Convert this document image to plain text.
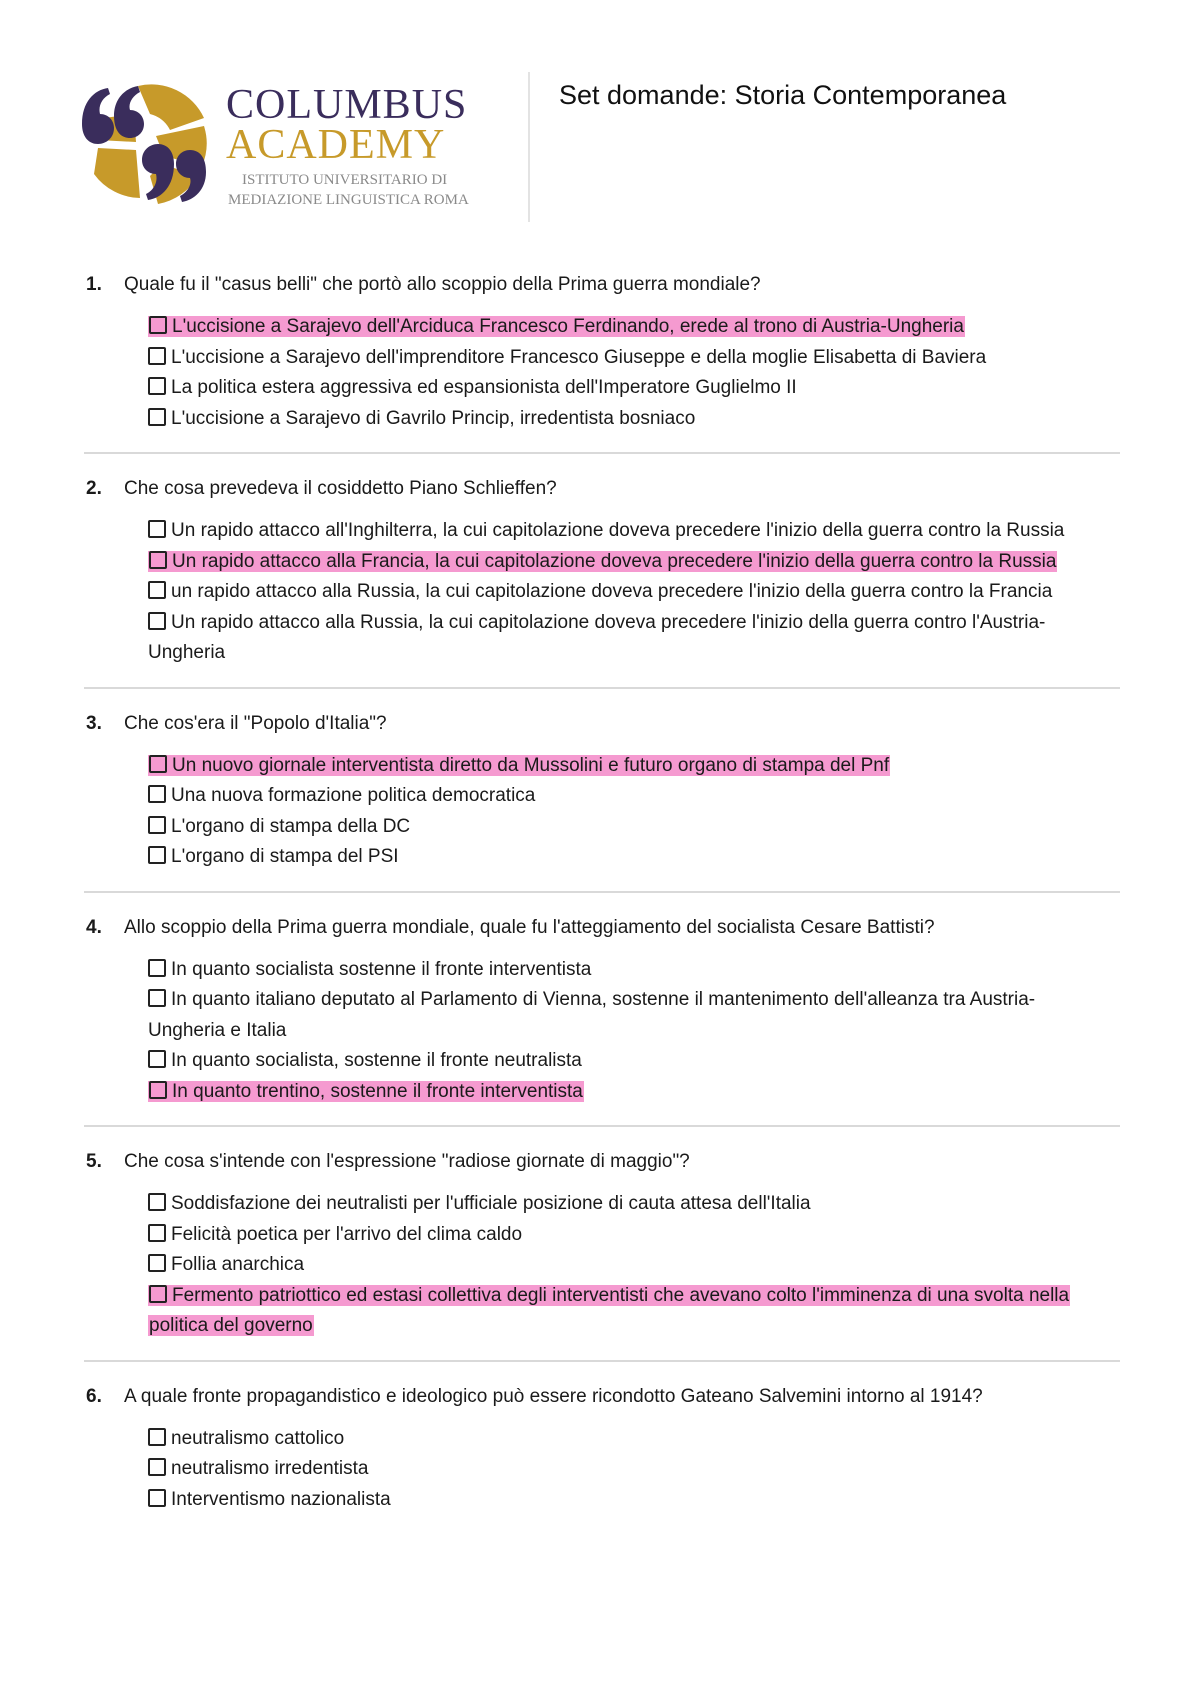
COLUMBUS
ACADEMY
ISTITUTO UNIVERSITARIO DI
MEDIAZIONE LINGUISTICA ROMA
Set domande: Storia Contemporanea
1.	Quale fu il "casus belli" che portò allo scoppio della Prima guerra mondiale?
L'uccisione a Sarajevo dell'Arciduca Francesco Ferdinando, erede al trono di Austria-Ungheria
L'uccisione a Sarajevo dell'imprenditore Francesco Giuseppe e della moglie Elisabetta di Baviera
La politica estera aggressiva ed espansionista dell'Imperatore Guglielmo II
L'uccisione a Sarajevo di Gavrilo Princip, irredentista bosniaco
2.	Che cosa prevedeva il cosiddetto Piano Schlieffen?
Un rapido attacco all'Inghilterra, la cui capitolazione doveva precedere l'inizio della guerra contro la Russia
Un rapido attacco alla Francia, la cui capitolazione doveva precedere l'inizio della guerra contro la Russia
un rapido attacco alla Russia, la cui capitolazione doveva precedere l'inizio della guerra contro la Francia
Un rapido attacco alla Russia, la cui capitolazione doveva precedere l'inizio della guerra contro l'Austria-Ungheria
3.	Che cos'era il "Popolo d'Italia"?
Un nuovo giornale interventista diretto da Mussolini e futuro organo di stampa del Pnf
Una nuova formazione politica democratica
L'organo di stampa della DC
L'organo di stampa del PSI
4.	Allo scoppio della Prima guerra mondiale, quale fu l'atteggiamento del socialista Cesare Battisti?
In quanto socialista sostenne il fronte interventista
In quanto italiano deputato al Parlamento di Vienna, sostenne il mantenimento dell'alleanza tra Austria-Ungheria e Italia
In quanto socialista, sostenne il fronte neutralista
In quanto trentino, sostenne il fronte interventista
5.	Che cosa s'intende con l'espressione "radiose giornate di maggio"?
Soddisfazione dei neutralisti per l'ufficiale posizione di cauta attesa dell'Italia
Felicità poetica per l'arrivo del clima caldo
Follia anarchica
Fermento patriottico ed estasi collettiva degli interventisti che avevano colto l'imminenza di una svolta nella politica del governo
6.	A quale fronte propagandistico e ideologico può essere ricondotto Gateano Salvemini intorno al 1914?
neutralismo cattolico
neutralismo irredentista
Interventismo nazionalista
